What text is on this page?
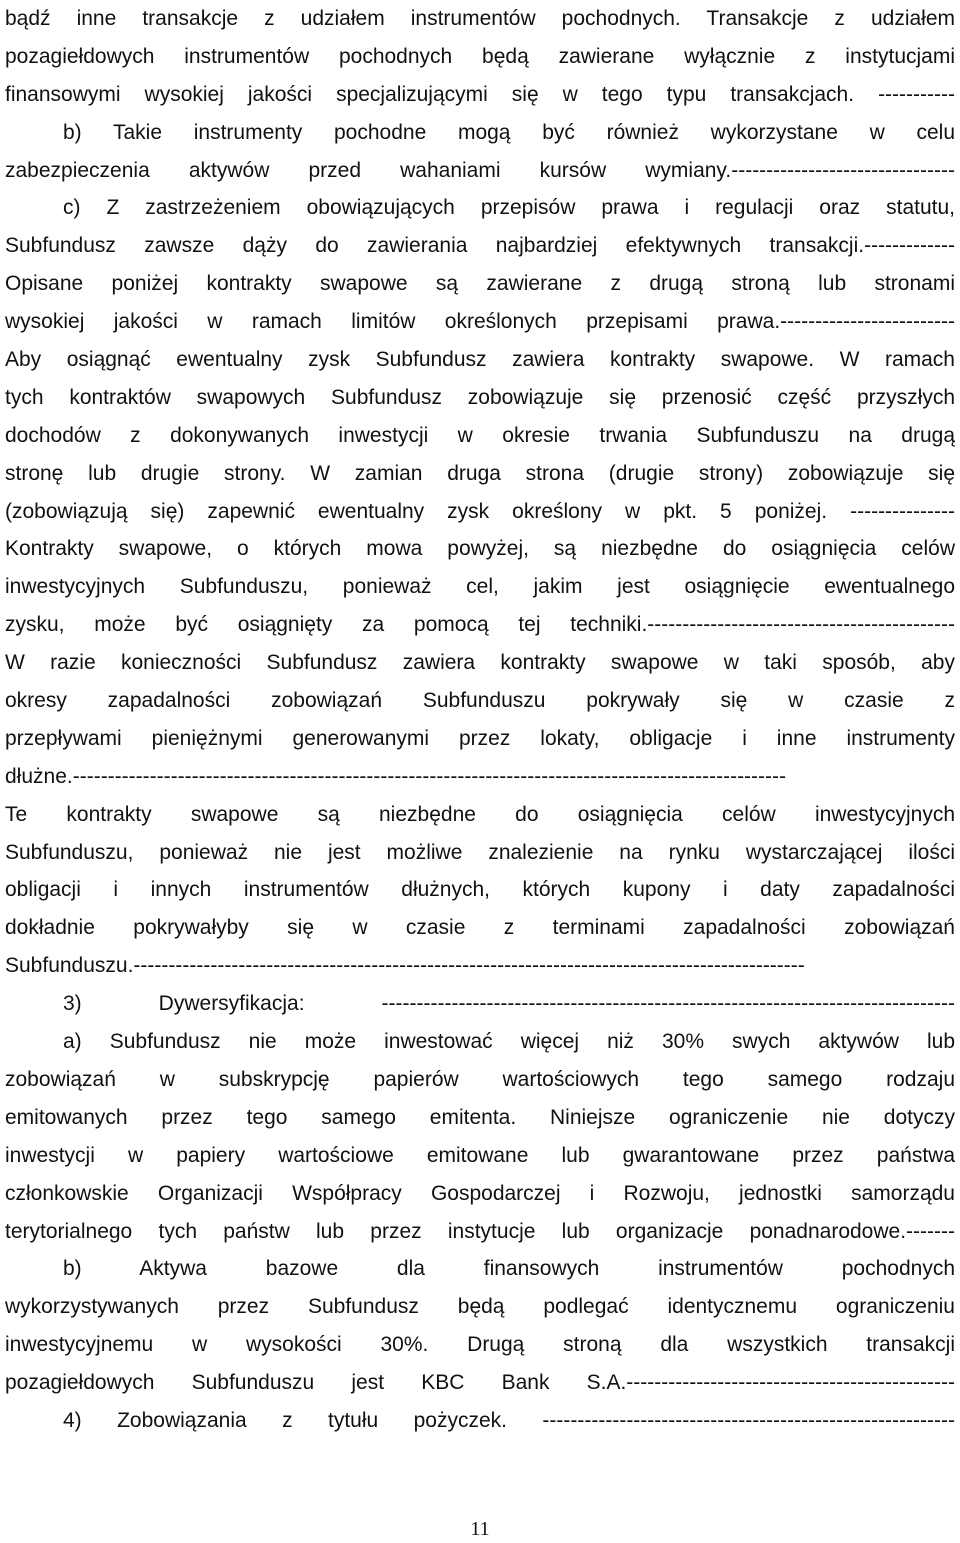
bądź inne transakcje z udziałem instrumentów pochodnych. Transakcje z udziałem
pozagiełdowych instrumentów pochodnych będą zawierane wyłącznie z instytucjami
finansowymi wysokiej jakości specjalizującymi się w tego typu transakcjach. -----------
b) Takie instrumenty pochodne mogą być również wykorzystane w celu
zabezpieczenia aktywów przed wahaniami kursów wymiany.--------------------------------
c) Z zastrzeżeniem obowiązujących przepisów prawa i regulacji oraz statutu,
Subfundusz zawsze dąży do zawierania najbardziej efektywnych transakcji.-------------
Opisane poniżej kontrakty swapowe są zawierane z drugą stroną lub stronami
wysokiej jakości w ramach limitów określonych przepisami prawa.-------------------------
Aby osiągnąć ewentualny zysk Subfundusz zawiera kontrakty swapowe. W ramach
tych kontraktów swapowych Subfundusz zobowiązuje się przenosić część przyszłych
dochodów z dokonywanych inwestycji w okresie trwania Subfunduszu na drugą
stronę lub drugie strony. W zamian druga strona (drugie strony) zobowiązuje się
(zobowiązują się) zapewnić ewentualny zysk określony w pkt. 5 poniżej. ---------------
Kontrakty swapowe, o których mowa powyżej, są niezbędne do osiągnięcia celów
inwestycyjnych Subfunduszu, ponieważ cel, jakim jest osiągnięcie ewentualnego
zysku, może być osiągnięty za pomocą tej techniki.--------------------------------------------
W razie konieczności Subfundusz zawiera kontrakty swapowe w taki sposób, aby
okresy zapadalności zobowiązań Subfunduszu pokrywały się w czasie z
przepływami pieniężnymi generowanymi przez lokaty, obligacje i inne instrumenty
dłużne.------------------------------------------------------------------------------------------------------
Te kontrakty swapowe są niezbędne do osiągnięcia celów inwestycyjnych
Subfunduszu, ponieważ nie jest możliwe znalezienie na rynku wystarczającej ilości
obligacji i innych instrumentów dłużnych, których kupony i daty zapadalności
dokładnie pokrywałyby się w czasie z terminami zapadalności zobowiązań
Subfunduszu.------------------------------------------------------------------------------------------------
3) Dywersyfikacja: ----------------------------------------------------------------------------------
a) Subfundusz nie może inwestować więcej niż 30% swych aktywów lub
zobowiązań w subskrypcję papierów wartościowych tego samego rodzaju
emitowanych przez tego samego emitenta. Niniejsze ograniczenie nie dotyczy
inwestycji w papiery wartościowe emitowane lub gwarantowane przez państwa
członkowskie Organizacji Współpracy Gospodarczej i Rozwoju, jednostki samorządu
terytorialnego tych państw lub przez instytucje lub organizacje ponadnarodowe.-------
b) Aktywa bazowe dla finansowych instrumentów pochodnych
wykorzystywanych przez Subfundusz będą podlegać identycznemu ograniczeniu
inwestycyjnemu w wysokości 30%. Drugą stroną dla wszystkich transakcji
pozagiełdowych Subfunduszu jest KBC Bank S.A.-----------------------------------------------
4) Zobowiązania z tytułu pożyczek. -----------------------------------------------------------
11
